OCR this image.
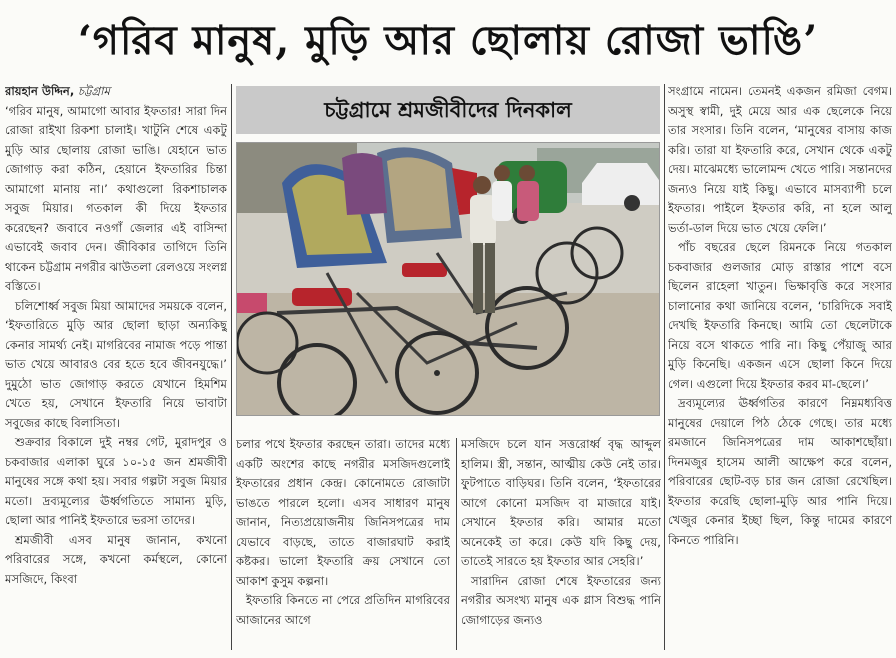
‘গরিব মানুষ, মুড়ি আর ছোলায় রোজা ভাঙি’
রায়হান উদ্দিন, চট্টগ্রাম

‘গরিব মানুষ, আমাগো আবার ইফতার! সারা দিন রোজা রাইখা রিকশা চালাই। খাটুনি শেষে একটু মুড়ি আর ছোলায় রোজা ভাঙি। যেহানে ভাত জোগাড় করা কঠিন, হেয়ানে ইফতারির চিন্তা আমাগো মানায় না।’ কথাগুলো রিকশাচালক সবুজ মিয়ার। গতকাল কী দিয়ে ইফতার করেছেন? জবাবে নওগাঁ জেলার এই বাসিন্দা এভাবেই জবাব দেন। জীবিকার তাগিদে তিনি থাকেন চট্টগ্রাম নগরীর ঝাউতলা রেলওয়ে সংলগ্ন বস্তিতে।

চলিশোর্ধ্ব সবুজ মিয়া আমাদের সময়কে বলেন, ‘ইফতারিতে মুড়ি আর ছোলা ছাড়া অন্যকিছু কেনার সামর্থ্য নেই। মাগরিবের নামাজ পড়ে পান্তা ভাত খেয়ে আবারও বের হতে হবে জীবনযুদ্ধে।’ দুমুঠো ভাত জোগাড় করতে যেখানে হিমশিম খেতে হয়, সেখানে ইফতারি নিয়ে ভাবাটা সবুজের কাছে বিলাসিতা।

শুক্রবার বিকালে দুই নম্বর গেট, মুরাদপুর ও চকবাজার এলাকা ঘুরে ১০-১৫ জন শ্রমজীবী মানুষের সঙ্গে কথা হয়। সবার গল্পটা সবুজ মিয়ার মতো। দ্রব্যমূল্যের ঊর্ধ্বগতিতে সামান্য মুড়ি, ছোলা আর পানিই ইফতারে ভরসা তাদের।

শ্রমজীবী এসব মানুষ জানান, কখনো পরিবারের সঙ্গে, কখনো কর্মস্থলে, কোনো মসজিদে, কিংবা

চট্টগ্রামে শ্রমজীবীদের দিনকাল

চলার পথে ইফতার করছেন তারা। তাদের মধ্যে একটি অংশের কাছে নগরীর মসজিদগুলোই ইফতারের প্রধান কেন্দ্র। কোনোমতে রোজাটা ভাঙতে পারলে হলো। এসব সাধারণ মানুষ জানান, নিত্যপ্রয়োজনীয় জিনিসপত্রের দাম যেভাবে বাড়ছে, তাতে বাজারঘাট করাই কষ্টকর। ভালো ইফতারি ক্রয় সেখানে তো আকাশ কুসুম কল্পনা।

ইফতারি কিনতে না পেরে প্রতিদিন মাগরিবের আজানের আগে

মসজিদে চলে যান সত্তরোর্ধ্ব বৃদ্ধ আব্দুল হালিম। স্ত্রী, সন্তান, আত্মীয় কেউ নেই তার। ফুটপাতে বাড়িঘর। তিনি বলেন, ‘ইফতারের আগে কোনো মসজিদ বা মাজারে যাই। সেখানে ইফতার করি। আমার মতো অনেকেই তা করে। কেউ যদি কিছু দেয়, তাতেই সারতে হয় ইফতার আর সেহরি।’

সারাদিন রোজা শেষে ইফতারের জন্য নগরীর অসংখ্য মানুষ এক গ্লাস বিশুদ্ধ পানি জোগাড়ের জন্যও

সংগ্রামে নামেন। তেমনই একজন রমিজা বেগম। অসুস্থ স্বামী, দুই মেয়ে আর এক ছেলেকে নিয়ে তার সংসার। তিনি বলেন, ‘মানুষের বাসায় কাজ করি। তারা যা ইফতারি করে, সেখান থেকে একটু দেয়। মাঝেমধ্যে ভালোমন্দ খেতে পারি। সন্তানদের জন্যও নিয়ে যাই কিছু। এভাবে মাসব্যাপী চলে ইফতার। পাইলে ইফতার করি, না হলে আলু ভর্তা-ডাল দিয়ে ভাত খেয়ে ফেলি।’

পাঁচ বছরের ছেলে রিমনকে নিয়ে গতকাল চকবাজার গুলজার মোড় রাস্তার পাশে বসে ছিলেন রাহেলা খাতুন। ভিক্ষাবৃত্তি করে সংসার চালানোর কথা জানিয়ে বলেন, ‘চারিদিকে সবাই দেখছি ইফতারি কিনছে। আমি তো ছেলেটাকে নিয়ে বসে থাকতে পারি না। কিছু পেঁয়াজু আর মুড়ি কিনেছি। একজন এসে ছোলা কিনে দিয়ে গেল। এগুলো দিয়ে ইফতার করব মা-ছেলে।’

দ্রব্যমূল্যের ঊর্ধ্বগতির কারণে নিম্নমধ্যবিত্ত মানুষের দেয়ালে পিঠ ঠেকে গেছে। তার মধ্যে রমজানে জিনিসপত্রের দাম আকাশছোঁয়া। দিনমজুর হাসেম আলী আক্ষেপ করে বলেন, পরিবারের ছোট-বড় চার জন রোজা রেখেছিল। ইফতার করেছি ছোলা-মুড়ি আর পানি দিয়ে। খেজুর কেনার ইচ্ছা ছিল, কিন্তু দামের কারণে কিনতে পারিনি।
